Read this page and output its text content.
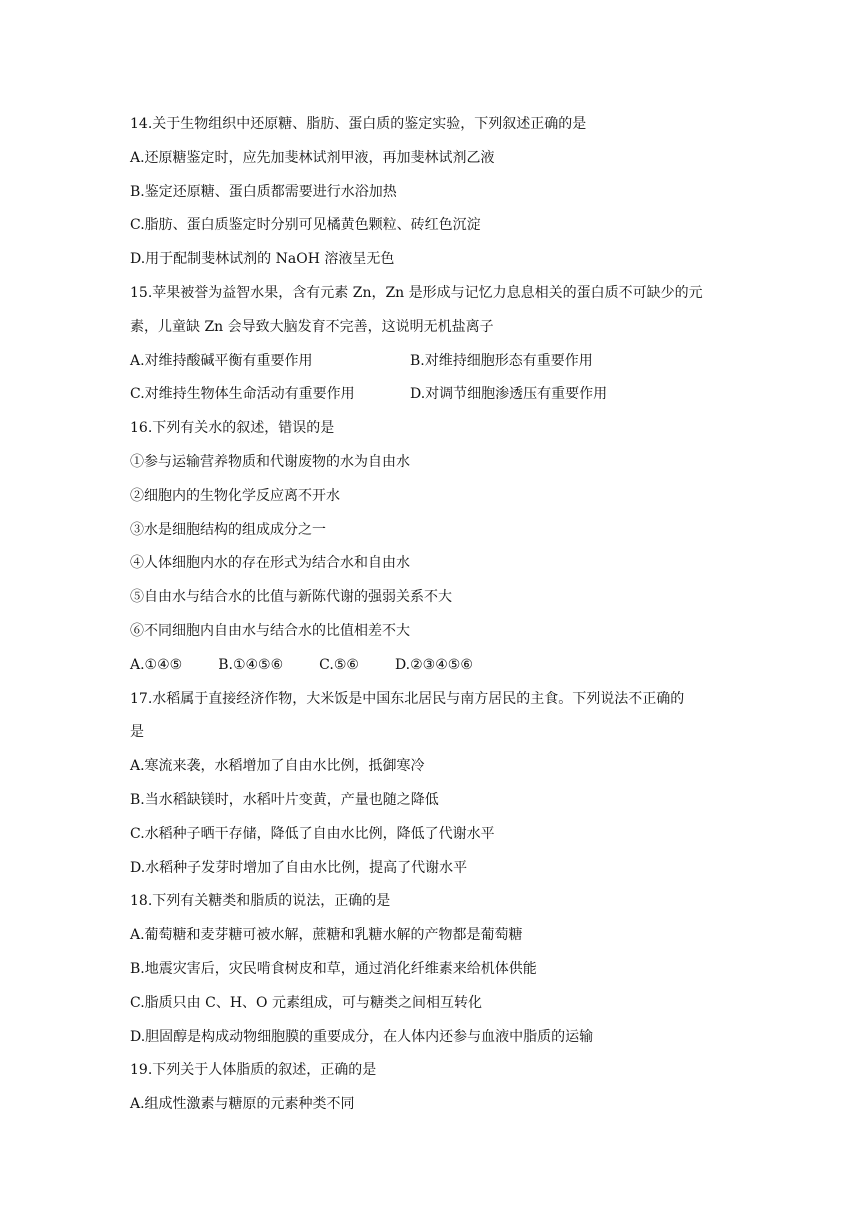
14.关于生物组织中还原糖、脂肪、蛋白质的鉴定实验，下列叙述正确的是
A.还原糖鉴定时，应先加斐林试剂甲液，再加斐林试剂乙液
B.鉴定还原糖、蛋白质都需要进行水浴加热
C.脂肪、蛋白质鉴定时分别可见橘黄色颗粒、砖红色沉淀
D.用于配制斐林试剂的 NaOH 溶液呈无色
15.苹果被誉为益智水果，含有元素 Zn，Zn 是形成与记忆力息息相关的蛋白质不可缺少的元
素，儿童缺 Zn 会导致大脑发育不完善，这说明无机盐离子
A.对维持酸碱平衡有重要作用	B.对维持细胞形态有重要作用
C.对维持生物体生命活动有重要作用	D.对调节细胞渗透压有重要作用
16.下列有关水的叙述，错误的是
①参与运输营养物质和代谢废物的水为自由水
②细胞内的生物化学反应离不开水
③水是细胞结构的组成成分之一
④人体细胞内水的存在形式为结合水和自由水
⑤自由水与结合水的比值与新陈代谢的强弱关系不大
⑥不同细胞内自由水与结合水的比值相差不大
A.①④⑤	B.①④⑤⑥	C.⑤⑥	D.②③④⑤⑥
17.水稻属于直接经济作物，大米饭是中国东北居民与南方居民的主食。下列说法不正确的
是
A.寒流来袭，水稻增加了自由水比例，抵御寒冷
B.当水稻缺镁时，水稻叶片变黄，产量也随之降低
C.水稻种子晒干存储，降低了自由水比例，降低了代谢水平
D.水稻种子发芽时增加了自由水比例，提高了代谢水平
18.下列有关糖类和脂质的说法，正确的是
A.葡萄糖和麦芽糖可被水解，蔗糖和乳糖水解的产物都是葡萄糖
B.地震灾害后，灾民啃食树皮和草，通过消化纤维素来给机体供能
C.脂质只由 C、H、O 元素组成，可与糖类之间相互转化
D.胆固醇是构成动物细胞膜的重要成分，在人体内还参与血液中脂质的运输
19.下列关于人体脂质的叙述，正确的是
A.组成性激素与糖原的元素种类不同
